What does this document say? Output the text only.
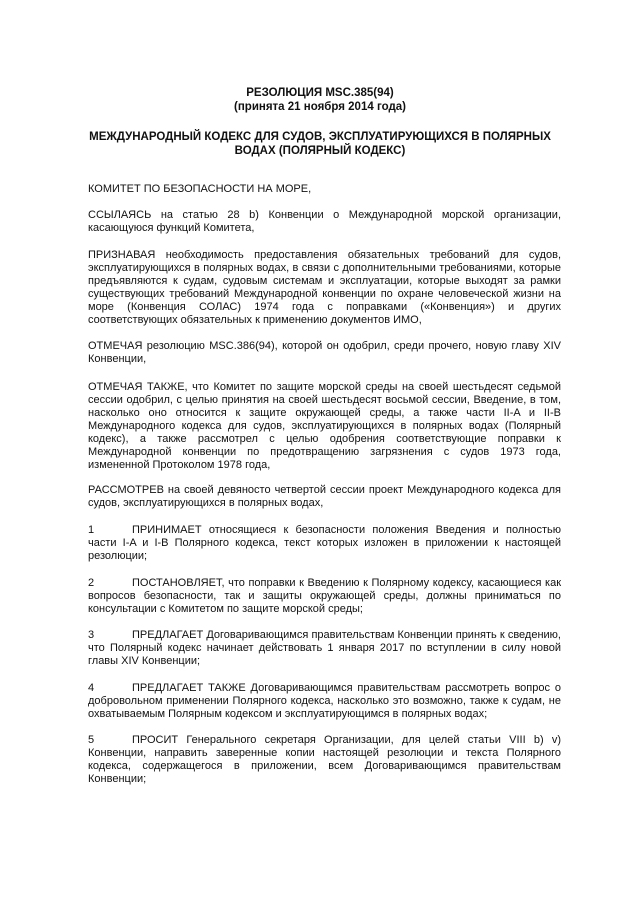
РЕЗОЛЮЦИЯ MSC.385(94)
(принята 21 ноября 2014 года)
МЕЖДУНАРОДНЫЙ КОДЕКС ДЛЯ СУДОВ, ЭКСПЛУАТИРУЮЩИХСЯ В ПОЛЯРНЫХ
ВОДАХ (ПОЛЯРНЫЙ КОДЕКС)
КОМИТЕТ ПО БЕЗОПАСНОСТИ НА МОРЕ,
ССЫЛАЯСЬ на статью 28 b) Конвенции о Международной морской организации, касающуюся функций Комитета,
ПРИЗНАВАЯ необходимость предоставления обязательных требований для судов, эксплуатирующихся в полярных водах, в связи с дополнительными требованиями, которые предъявляются к судам, судовым системам и эксплуатации, которые выходят за рамки существующих требований Международной конвенции по охране человеческой жизни на море (Конвенция СОЛАС) 1974 года с поправками («Конвенция») и других соответствующих обязательных к применению документов ИМО,
ОТМЕЧАЯ резолюцию MSC.386(94), которой он одобрил, среди прочего, новую главу XIV Конвенции,
ОТМЕЧАЯ ТАКЖЕ, что Комитет по защите морской среды на своей шестьдесят седьмой сессии одобрил, с целью принятия на своей шестьдесят восьмой сессии, Введение, в том, насколько оно относится к защите окружающей среды, а также части II-A и II-B Международного кодекса для судов, эксплуатирующихся в полярных водах (Полярный кодекс), а также рассмотрел с целью одобрения соответствующие поправки к Международной конвенции по предотвращению загрязнения с судов 1973 года, измененной Протоколом 1978 года,
РАССМОТРЕВ на своей девяносто четвертой сессии проект Международного кодекса для судов, эксплуатирующихся в полярных водах,
1	ПРИНИМАЕТ относящиеся к безопасности положения Введения и полностью части I-A и I-B Полярного кодекса, текст которых изложен в приложении к настоящей резолюции;
2	ПОСТАНОВЛЯЕТ, что поправки к Введению к Полярному кодексу, касающиеся как вопросов безопасности, так и защиты окружающей среды, должны приниматься по консультации с Комитетом по защите морской среды;
3	ПРЕДЛАГАЕТ Договаривающимся правительствам Конвенции принять к сведению, что Полярный кодекс начинает действовать 1 января 2017 по вступлении в силу новой главы XIV Конвенции;
4	ПРЕДЛАГАЕТ ТАКЖЕ Договаривающимся правительствам рассмотреть вопрос о добровольном применении Полярного кодекса, насколько это возможно, также к судам, не охватываемым Полярным кодексом и эксплуатирующимся в полярных водах;
5	ПРОСИТ Генерального секретаря Организации, для целей статьи VIII b) v) Конвенции, направить заверенные копии настоящей резолюции и текста Полярного кодекса, содержащегося в приложении, всем Договаривающимся правительствам Конвенции;
